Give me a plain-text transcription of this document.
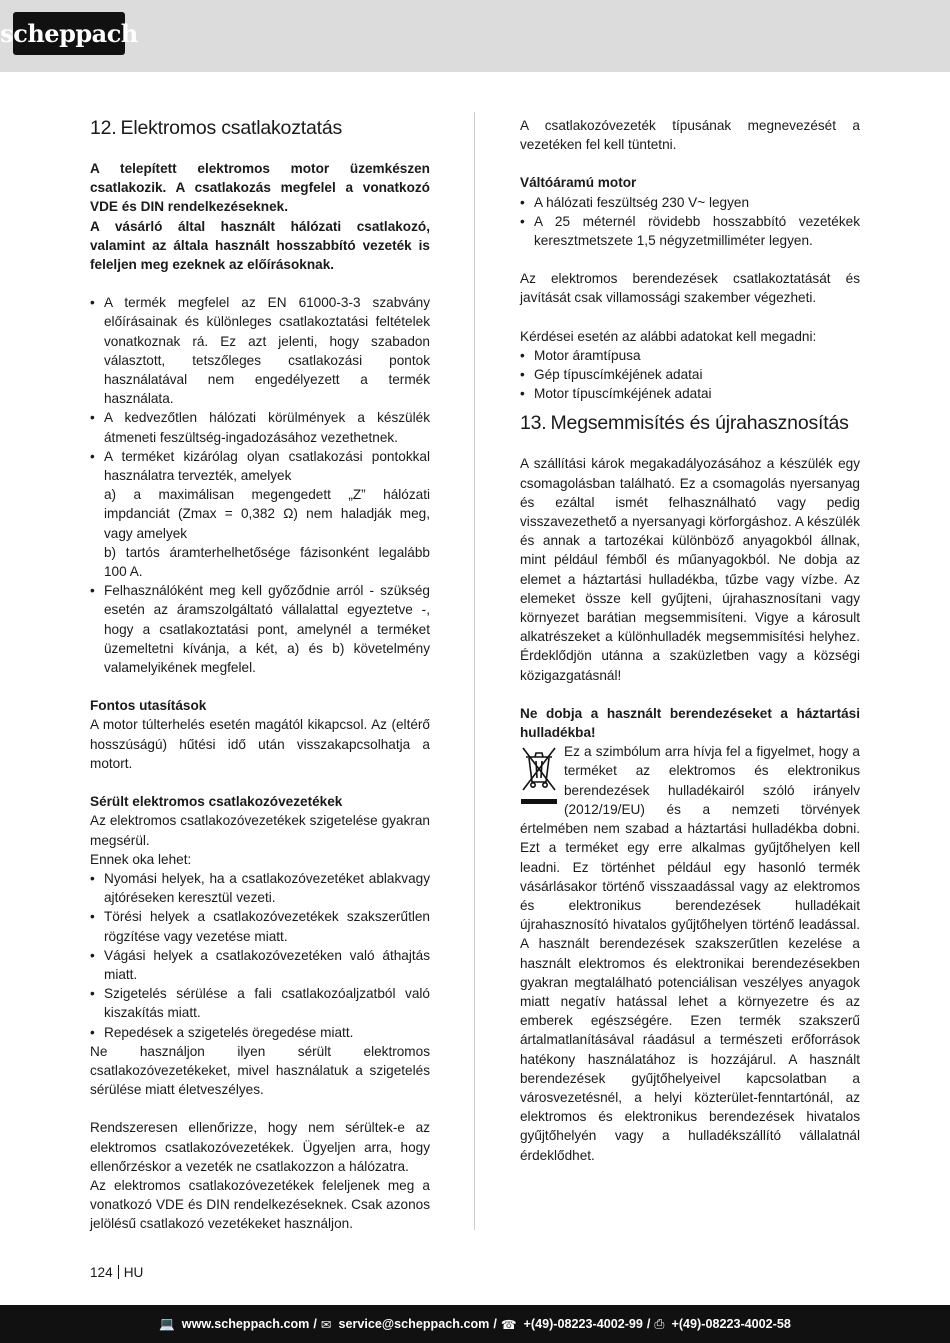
scheppach
12. Elektromos csatlakoztatás

A telepített elektromos motor üzemkészen csatlakozik. A csatlakozás megfelel a vonatkozó VDE és DIN rendelkezéseknek.

A vásárló által használt hálózati csatlakozó, valamint az általa használt hosszabbító vezeték is feleljen meg ezeknek az előírásoknak.

• A termék megfelel az EN 61000-3-3 szabvány előírásainak és különleges csatlakoztatási feltételek vonatkoznak rá. Ez azt jelenti, hogy szabadon választott, tetszőleges csatlakozási pontok használatával nem engedélyezett a termék használata.
• A kedvezőtlen hálózati körülmények a készülék átmeneti feszültség-ingadozásához vezethetnek.
• A terméket kizárólag olyan csatlakozási pontokkal használatra tervezték, amelyek
a) a maximálisan megengedett „Z” hálózati impdanciát (Zmax = 0,382 Ω) nem haladják meg, vagy amelyek
b) tartós áramterhelhetősége fázisonként legalább 100 A.
• Felhasználóként meg kell győződnie arról - szükség esetén az áramszolgáltató vállalattal egyeztetve -, hogy a csatlakoztatási pont, amelynél a terméket üzemeltetni kívánja, a két, a) és b) követelmény valamelyikének megfelel.

Fontos utasítások

A motor túlterhelés esetén magától kikapcsol. Az (eltérő hosszúságú) hűtési idő után visszakapcsolhatja a motort.

Sérült elektromos csatlakozóvezetékek

Az elektromos csatlakozóvezetékek szigetelése gyakran megsérül.

Ennek oka lehet:

• Nyomási helyek, ha a csatlakozóvezetéket ablakvagy ajtóréseken keresztül vezeti.
• Törési helyek a csatlakozóvezetékek szakszerűtlen rögzítése vagy vezetése miatt.
• Vágási helyek a csatlakozóvezetéken való áthajtás miatt.
• Szigetelés sérülése a fali csatlakozóaljzatból való kiszakítás miatt.
• Repedések a szigetelés öregedése miatt.

Ne használjon ilyen sérült elektromos csatlakozóvezetékeket, mivel használatuk a szigetelés sérülése miatt életveszélyes.

Rendszeresen ellenőrizze, hogy nem sérültek-e az elektromos csatlakozóvezetékek. Ügyeljen arra, hogy ellenőrzéskor a vezeték ne csatlakozzon a hálózatra.

Az elektromos csatlakozóvezetékek feleljenek meg a vonatkozó VDE és DIN rendelkezéseknek. Csak azonos jelölésű csatlakozó vezetékeket használjon.

A csatlakozóvezeték típusának megnevezését a vezetéken fel kell tüntetni.

Váltóáramú motor

• A hálózati feszültség 230 V~ legyen
• A 25 méternél rövidebb hosszabbító vezetékek keresztmetszete 1,5 négyzetmilliméter legyen.

Az elektromos berendezések csatlakoztatását és javítását csak villamossági szakember végezheti.

Kérdései esetén az alábbi adatokat kell megadni:

• Motor áramtípusa
• Gép típuscímkéjének adatai
• Motor típuscímkéjének adatai
13. Megsemmisítés és újrahasznosítás

A szállítási károk megakadályozásához a készülék egy csomagolásban található. Ez a csomagolás nyersanyag és ezáltal ismét felhasználható vagy pedig visszavezethető a nyersanyagi körforgáshoz. A készülék és annak a tartozékai különböző anyagokból állnak, mint például fémből és műanyagokból. Ne dobja az elemet a háztartási hulladékba, tűzbe vagy vízbe. Az elemeket össze kell gyűjteni, újrahasznosítani vagy környezet barátian megsemmisíteni. Vigye a károsult alkatrészeket a különhulladék megsemmisítési helyhez. Érdeklődjön utánna a szaküzletben vagy a községi közigazgatásnál!

Ne dobja a használt berendezéseket a háztartási hulladékba!

Ez a szimbólum arra hívja fel a figyelmet, hogy a terméket az elektromos és elektronikus berendezések hulladékairól szóló irányelv (2012/19/EU) és a nemzeti törvények értelmében nem szabad a háztartási hulladékba dobni. Ezt a terméket egy erre alkalmas gyűjtőhelyen kell leadni. Ez történhet például egy hasonló termék vásárlásakor történő visszaadással vagy az elektromos és elektronikus berendezések hulladékait újrahasznosító hivatalos gyűjtőhelyen történő leadással. A használt berendezések szakszerűtlen kezelése a használt elektromos és elektronikai berendezésekben gyakran megtalálható potenciálisan veszélyes anyagok miatt negatív hatással lehet a környezetre és az emberek egészségére. Ezen termék szakszerű ártalmatlanításával ráadásul a természeti erőforrások hatékony használatához is hozzájárul. A használt berendezések gyűjtőhelyeivel kapcsolatban a városvezetésnél, a helyi közterület-fenntartónál, az elektromos és elektronikus berendezések hivatalos gyűjtőhelyén vagy a hulladékszállító vállalatnál érdeklődhet.

124 HU
💻 www.scheppach.com / ✉ service@scheppach.com / ☎ +(49)-08223-4002-99 / ⎙ +(49)-08223-4002-58
